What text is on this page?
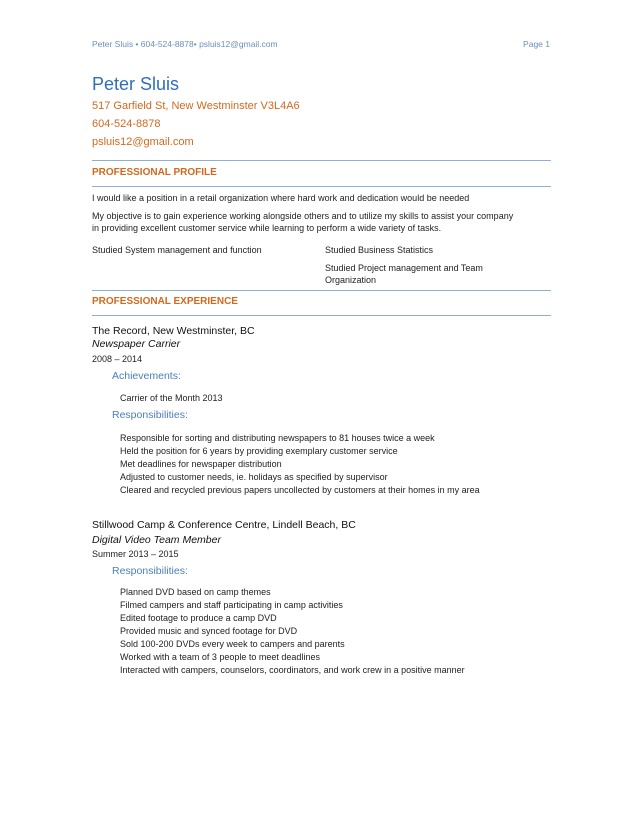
Peter Sluis • 604-524-8878• psluis12@gmail.com	Page 1
Peter Sluis
517 Garfield St, New Westminster V3L4A6
604-524-8878
psluis12@gmail.com
PROFESSIONAL PROFILE
I would like a position in a retail organization where hard work and dedication would be needed
My objective is to gain experience working alongside others and to utilize my skills to assist your company
in providing excellent customer service while learning to perform a wide variety of tasks.
Studied System management and function	Studied Business Statistics
Studied Project management and Team
Organization
PROFESSIONAL EXPERIENCE
The Record, New Westminster, BC
Newspaper Carrier
2008 – 2014
Achievements:
Carrier of the Month 2013
Responsibilities:
Responsible for sorting and distributing newspapers to 81 houses twice a week
Held the position for 6 years by providing exemplary customer service
Met deadlines for newspaper distribution
Adjusted to customer needs, ie. holidays as specified by supervisor
Cleared and recycled previous papers uncollected by customers at their homes in my area
Stillwood Camp & Conference Centre, Lindell Beach, BC
Digital Video Team Member
Summer 2013 – 2015
Responsibilities:
Planned DVD based on camp themes
Filmed campers and staff participating in camp activities
Edited footage to produce a camp DVD
Provided music and synced footage for DVD
Sold 100-200 DVDs every week to campers and parents
Worked with a team of 3 people to meet deadlines
Interacted with campers, counselors, coordinators, and work crew in a positive manner
